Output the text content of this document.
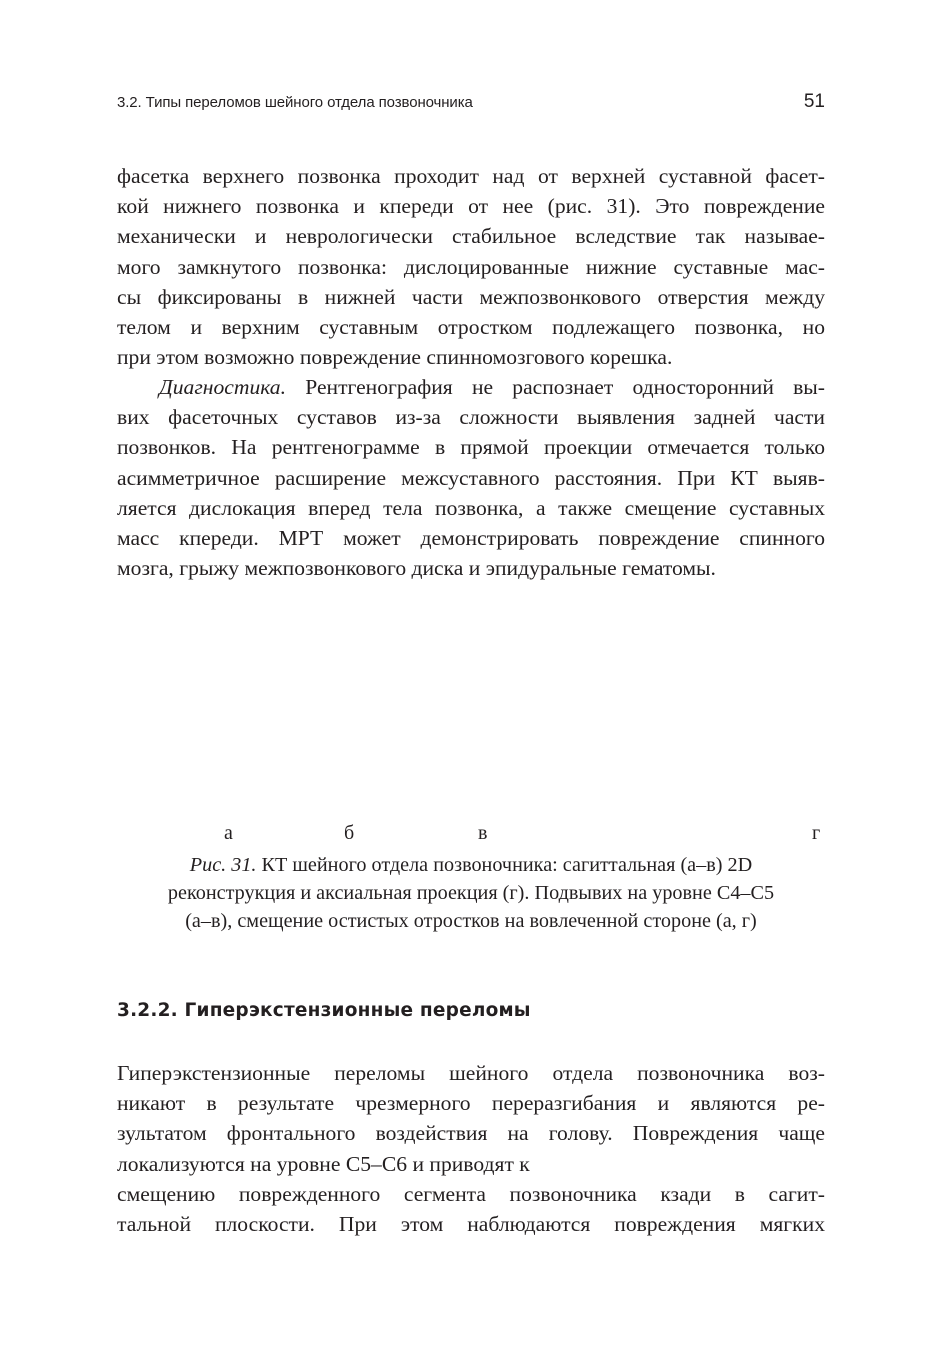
3.2. Типы переломов шейного отдела позвоночника	51
фасетка верхнего позвонка проходит над от верхней суставной фасет-
кой нижнего позвонка и кпереди от нее (рис. 31). Это повреждение
механически и неврологически стабильное вследствие так называе-
мого замкнутого позвонка: дислоцированные нижние суставные мас-
сы фиксированы в нижней части межпозвонкового отверстия между
телом и верхним суставным отростком подлежащего позвонка, но
при этом возможно повреждение спинномозгового корешка.
Диагностика. Рентгенография не распознает односторонний вы-
вих фасеточных суставов из-за сложности выявления задней части
позвонков. На рентгенограмме в прямой проекции отмечается только
асимметричное расширение межсуставного расстояния. При КТ выяв-
ляется дислокация вперед тела позвонка, а также смещение суставных
масс кпереди. МРТ может демонстрировать повреждение спинного
мозга, грыжу межпозвонкового диска и эпидуральные гематомы.
а	б	в	г

Рис. 31. КТ шейного отдела позвоночника: сагиттальная (а–в) 2D

реконструкция и аксиальная проекция (г). Подвывих на уровне С4–С5

(а–в), смещение остистых отростков на вовлеченной стороне (а, г)

3.2.2. Гиперэкстензионные переломы
Гиперэкстензионные переломы шейного отдела позвоночника воз-
никают в результате чрезмерного переразгибания и являются ре-
зультатом фронтального воздействия на голову. Повреждения чаще
локализуются на уровне С5–С6 и приводят к
смещению поврежденного сегмента позвоночника кзади в сагит-
тальной плоскости. При этом наблюдаются повреждения мягких
